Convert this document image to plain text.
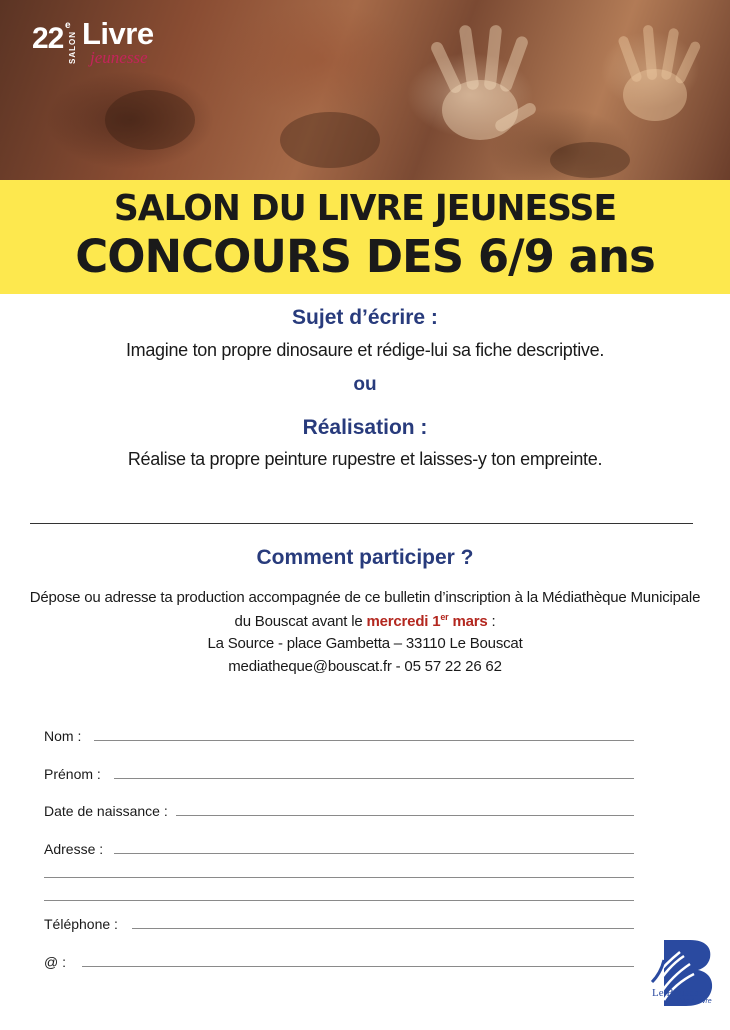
22 e
SALON Livre
jeunesse
SALON DU LIVRE JEUNESSE
CONCOURS DES 6/9 ans
Sujet d’écrire :
Imagine ton propre dinosaure et rédige-lui sa fiche descriptive.
ou
Réalisation :
Réalise ta propre peinture rupestre et laisses-y ton empreinte.
Comment participer ?
Dépose ou adresse ta production accompagnée de ce bulletin d’inscription à la Médiathèque Municipale
du Bouscat avant le mercredi 1er mars :
La Source - place Gambetta – 33110 Le Bouscat
mediatheque@bouscat.fr - 05 57 22 26 62
Nom :
Prénom :
Date de naissance :
Adresse :
Téléphone :
@ :
Le Bouscat
Ville à vivre
